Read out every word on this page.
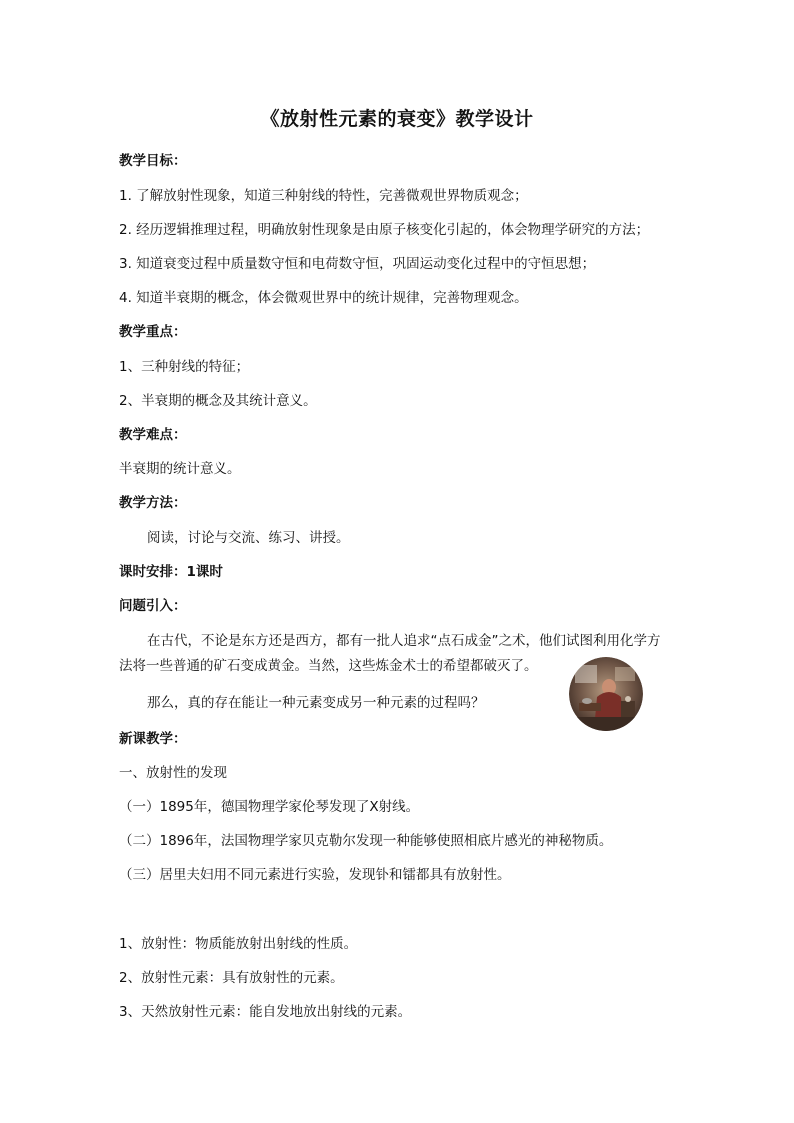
《放射性元素的衰变》教学设计
教学目标：
1. 了解放射性现象，知道三种射线的特性，完善微观世界物质观念；
2. 经历逻辑推理过程，明确放射性现象是由原子核变化引起的，体会物理学研究的方法；
3. 知道衰变过程中质量数守恒和电荷数守恒，巩固运动变化过程中的守恒思想；
4. 知道半衰期的概念，体会微观世界中的统计规律，完善物理观念。
教学重点：
1、三种射线的特征；
2、半衰期的概念及其统计意义。
教学难点：
半衰期的统计意义。
教学方法：
阅读，讨论与交流、练习、讲授。
课时安排：1课时
问题引入：
在古代，不论是东方还是西方，都有一批人追求“点石成金”之术，他们试图利用化学方
法将一些普通的矿石变成黄金。当然，这些炼金术士的希望都破灭了。
那么，真的存在能让一种元素变成另一种元素的过程吗？
新课教学：
一、放射性的发现
（一）1895年，德国物理学家伦琴发现了X射线。
（二）1896年，法国物理学家贝克勒尔发现一种能够使照相底片感光的神秘物质。
（三）居里夫妇用不同元素进行实验，发现钋和镭都具有放射性。
1、放射性：物质能放射出射线的性质。
2、放射性元素：具有放射性的元素。
3、天然放射性元素：能自发地放出射线的元素。
